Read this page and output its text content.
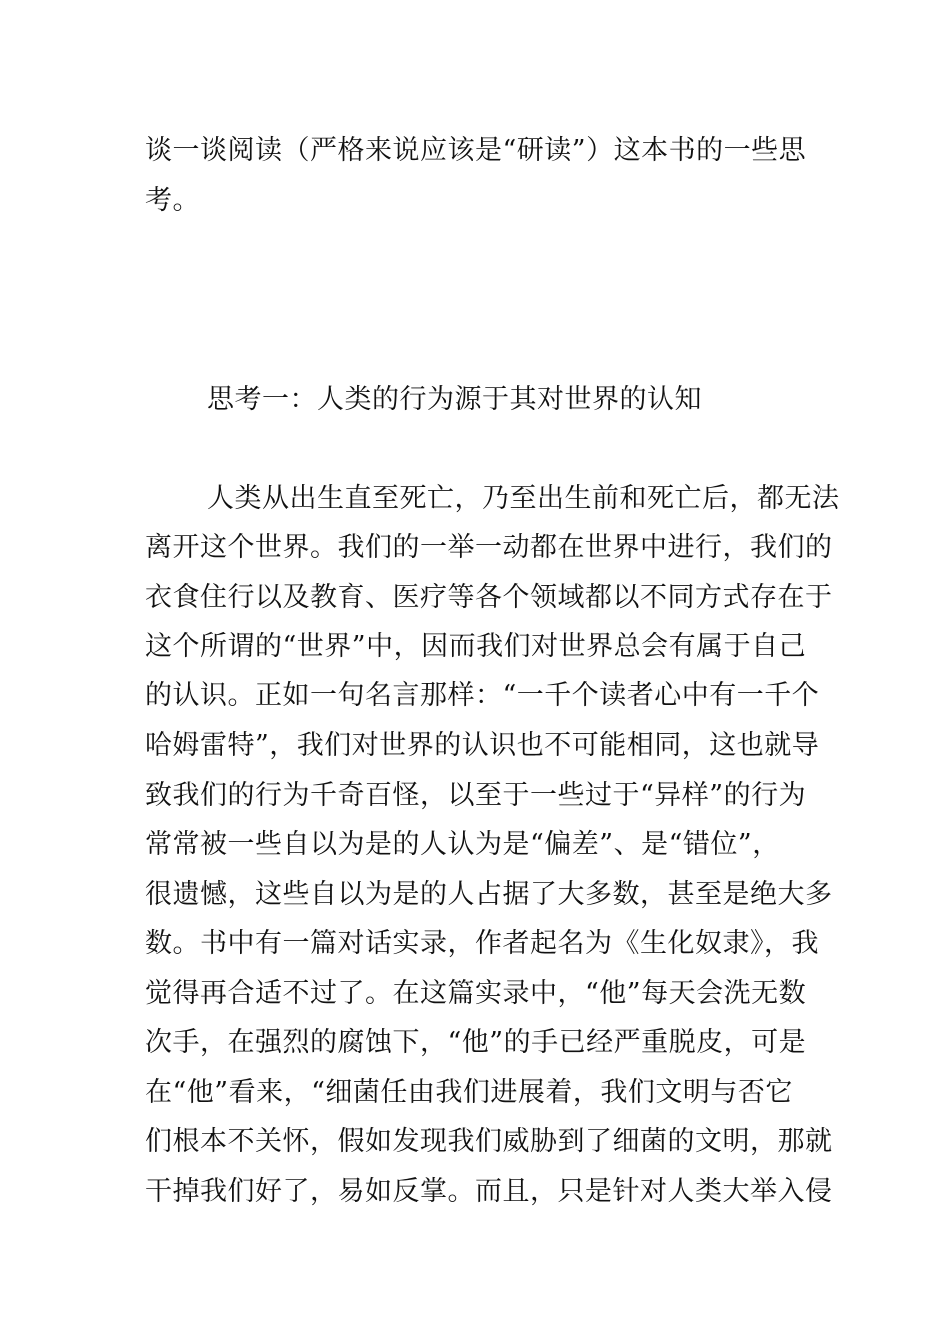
谈一谈阅读（严格来说应该是“研读”）这本书的一些思
考。
思考一：人类的行为源于其对世界的认知
人类从出生直至死亡，乃至出生前和死亡后，都无法
离开这个世界。我们的一举一动都在世界中进行，我们的
衣食住行以及教育、医疗等各个领域都以不同方式存在于
这个所谓的“世界”中，因而我们对世界总会有属于自己
的认识。正如一句名言那样：“一千个读者心中有一千个
哈姆雷特”，我们对世界的认识也不可能相同，这也就导
致我们的行为千奇百怪，以至于一些过于“异样”的行为
常常被一些自以为是的人认为是“偏差”、是“错位”，
很遗憾，这些自以为是的人占据了大多数，甚至是绝大多
数。书中有一篇对话实录，作者起名为《生化奴隶》，我
觉得再合适不过了。在这篇实录中，“他”每天会洗无数
次手，在强烈的腐蚀下，“他”的手已经严重脱皮，可是
在“他”看来，“细菌任由我们进展着，我们文明与否它
们根本不关怀，假如发现我们威胁到了细菌的文明，那就
干掉我们好了，易如反掌。而且，只是针对人类大举入侵
